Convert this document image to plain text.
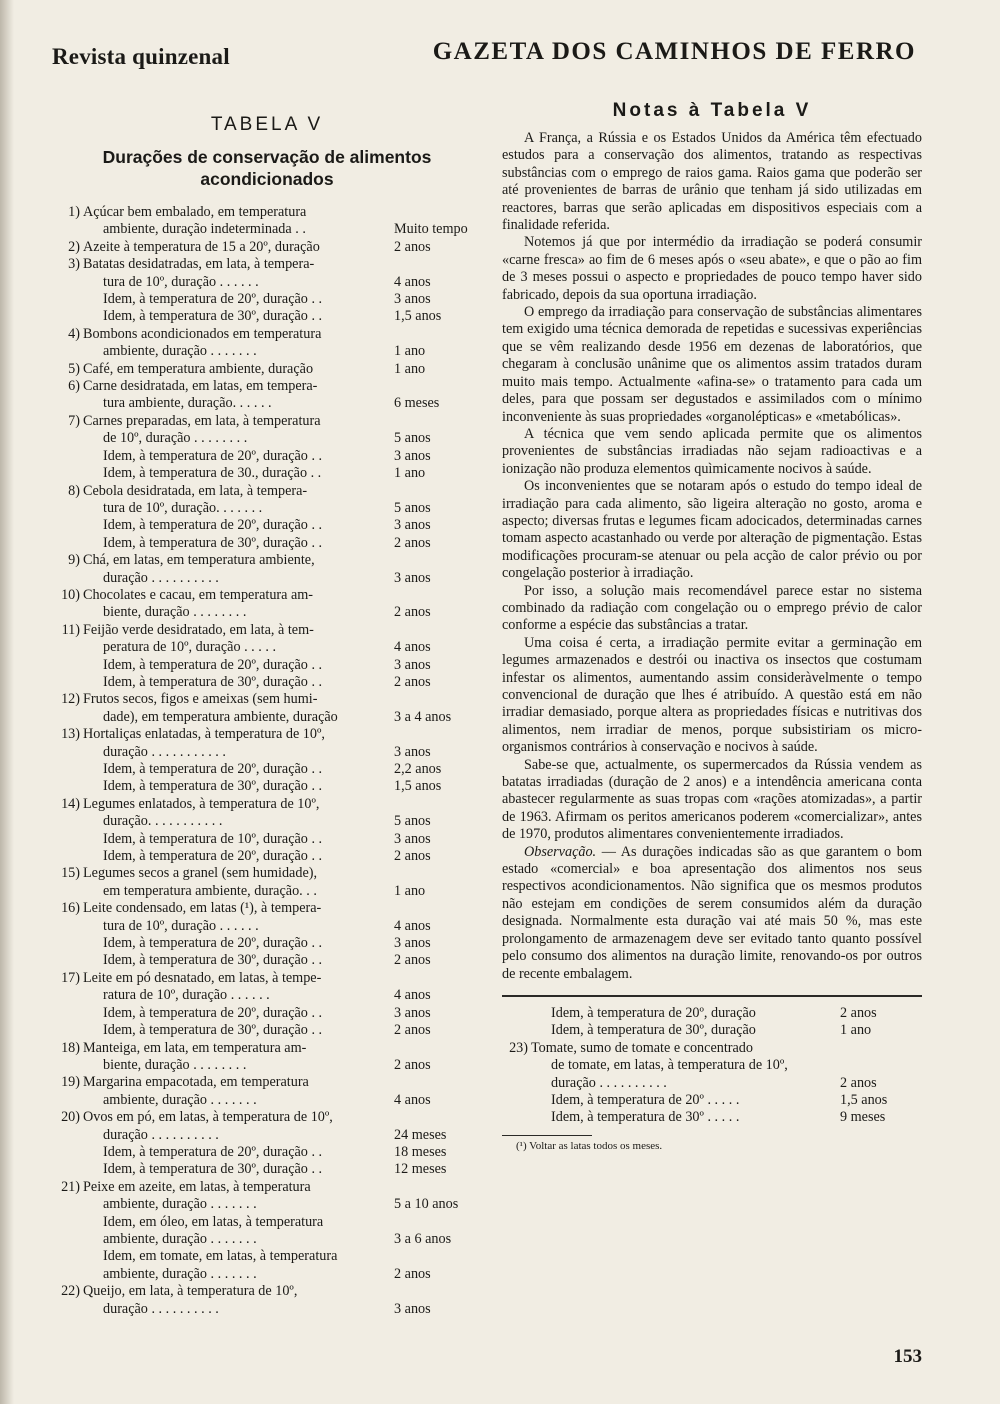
Revista quinzenal	GAZETA DOS CAMINHOS DE FERRO
TABELA V
Durações de conservação de alimentos
acondicionados
1) Açúcar bem embalado, em temperatura
ambiente, duração indeterminada . .	Muito tempo
2) Azeite à temperatura de 15 a 20º, duração	2 anos
3) Batatas desidatradas, em lata, à tempera-
tura de 10º, duração . . . . . .	4 anos
Idem, à temperatura de 20º, duração . .	3 anos
Idem, à temperatura de 30º, duração . .	1,5 anos
4) Bombons acondicionados em temperatura
ambiente, duração . . . . . . .	1 ano
5) Café, em temperatura ambiente, duração	1 ano
6) Carne desidratada, em latas, em tempera-
tura ambiente, duração. . . . . .	6 meses
7) Carnes preparadas, em lata, à temperatura
de 10º, duração . . . . . . . .	5 anos
Idem, à temperatura de 20º, duração . .	3 anos
Idem, à temperatura de 30., duração . .	1 ano
8) Cebola desidratada, em lata, à tempera-
tura de 10º, duração. . . . . . .	5 anos
Idem, à temperatura de 20º, duração . .	3 anos
Idem, à temperatura de 30º, duração . .	2 anos
9) Chá, em latas, em temperatura ambiente,
duração . . . . . . . . . .	3 anos
10) Chocolates e cacau, em temperatura am-
biente, duração . . . . . . . .	2 anos
11) Feijão verde desidratado, em lata, à tem-
peratura de 10º, duração . . . . .	4 anos
Idem, à temperatura de 20º, duração . .	3 anos
Idem, à temperatura de 30º, duração . .	2 anos
12) Frutos secos, figos e ameixas (sem humi-
dade), em temperatura ambiente, duração	3 a 4 anos
13) Hortaliças enlatadas, à temperatura de 10º,
duração . . . . . . . . . . .	3 anos
Idem, à temperatura de 20º, duração . .	2,2 anos
Idem, à temperatura de 30º, duração . .	1,5 anos
14) Legumes enlatados, à temperatura de 10º,
duração. . . . . . . . . . .	5 anos
Idem, à temperatura de 10º, duração . .	3 anos
Idem, à temperatura de 20º, duração . .	2 anos
15) Legumes secos a granel (sem humidade),
em temperatura ambiente, duração. . .	1 ano
16) Leite condensado, em latas (¹), à tempera-
tura de 10º, duração . . . . . .	4 anos
Idem, à temperatura de 20º, duração . .	3 anos
Idem, à temperatura de 30º, duração . .	2 anos
17) Leite em pó desnatado, em latas, à tempe-
ratura de 10º, duração . . . . . .	4 anos
Idem, à temperatura de 20º, duração . .	3 anos
Idem, à temperatura de 30º, duração . .	2 anos
18) Manteiga, em lata, em temperatura am-
biente, duração . . . . . . . .	2 anos
19) Margarina empacotada, em temperatura
ambiente, duração . . . . . . .	4 anos
20) Ovos em pó, em latas, à temperatura de 10º,
duração . . . . . . . . . .	24 meses
Idem, à temperatura de 20º, duração . .	18 meses
Idem, à temperatura de 30º, duração . .	12 meses
21) Peixe em azeite, em latas, à temperatura
ambiente, duração . . . . . . .	5 a 10 anos
Idem, em óleo, em latas, à temperatura
ambiente, duração . . . . . . .	3 a 6 anos
Idem, em tomate, em latas, à temperatura
ambiente, duração . . . . . . .	2 anos
22) Queijo, em lata, à temperatura de 10º,
duração . . . . . . . . . .	3 anos
Notas à Tabela V

A França, a Rússia e os Estados Unidos da América têm efectuado estudos para a conservação dos alimentos, tratando as respectivas substâncias com o emprego de raios gama. Raios gama que poderão ser até provenientes de barras de urânio que tenham já sido utilizadas em reactores, barras que serão aplicadas em dispositivos especiais com a finalidade referida.

Notemos já que por intermédio da irradiação se poderá consumir «carne fresca» ao fim de 6 meses após o «seu abate», e que o pão ao fim de 3 meses possui o aspecto e propriedades de pouco tempo haver sido fabricado, depois da sua oportuna irradiação.

O emprego da irradiação para conservação de substâncias alimentares tem exigido uma técnica demorada de repetidas e sucessivas experiências que se vêm realizando desde 1956 em dezenas de laboratórios, que chegaram à conclusão unânime que os alimentos assim tratados duram muito mais tempo. Actualmente «afina-se» o tratamento para cada um deles, para que possam ser degustados e assimilados com o mínimo inconveniente às suas propriedades «organolépticas» e «metabólicas».

A técnica que vem sendo aplicada permite que os alimentos provenientes de substâncias irradiadas não sejam radioactivas e a ionização não produza elementos quìmicamente nocivos à saúde.

Os inconvenientes que se notaram após o estudo do tempo ideal de irradiação para cada alimento, são ligeira alteração no gosto, aroma e aspecto; diversas frutas e legumes ficam adocicados, determinadas carnes tomam aspecto acastanhado ou verde por alteração de pigmentação. Estas modificações procuram-se atenuar ou pela acção de calor prévio ou por congelação posterior à irradiação.

Por isso, a solução mais recomendável parece estar no sistema combinado da radiação com congelação ou o emprego prévio de calor conforme a espécie das substâncias a tratar.

Uma coisa é certa, a irradiação permite evitar a germinação em legumes armazenados e destrói ou inactiva os insectos que costumam infestar os alimentos, aumentando assim consideràvelmente o tempo convencional de duração que lhes é atribuído. A questão está em não irradiar demasiado, porque altera as propriedades físicas e nutritivas dos alimentos, nem irradiar de menos, porque subsistiriam os micro-organismos contrários à conservação e nocivos à saúde.

Sabe-se que, actualmente, os supermercados da Rússia vendem as batatas irradiadas (duração de 2 anos) e a intendência americana conta abastecer regularmente as suas tropas com «rações atomizadas», a partir de 1963. Afirmam os peritos americanos poderem «comercializar», antes de 1970, produtos alimentares convenientemente irradiados.

Observação. — As durações indicadas são as que garantem o bom estado «comercial» e boa apresentação dos alimentos nos seus respectivos acondicionamentos. Não significa que os mesmos produtos não estejam em condições de serem consumidos além da duração designada. Normalmente esta duração vai até mais 50 %, mas este prolongamento de armazenagem deve ser evitado tanto quanto possível pelo consumo dos alimentos na duração limite, renovando-os por outros de recente embalagem.

Idem, à temperatura de 20º, duração	2 anos
Idem, à temperatura de 30º, duração	1 ano
23) Tomate, sumo de tomate e concentrado
de tomate, em latas, à temperatura de 10º,
duração . . . . . . . . . .	2 anos
Idem, à temperatura de 20º . . . . .	1,5 anos
Idem, à temperatura de 30º . . . . .	9 meses
(¹) Voltar as latas todos os meses.
153
